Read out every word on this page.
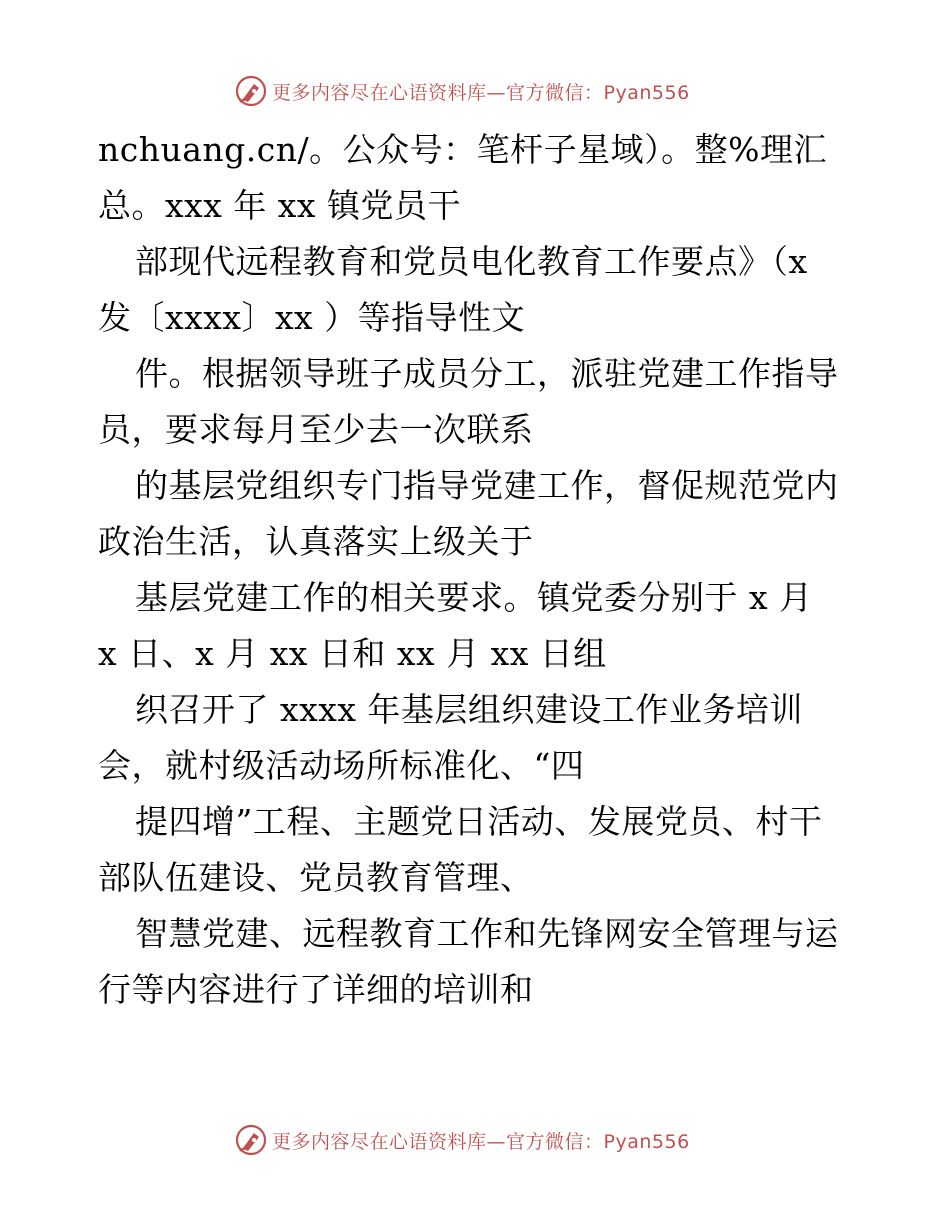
更多内容尽在心语资料库—官方微信：Pyan556
nchuang.cn/。公众号：笔杆子星域）。整%理汇
总。xxx 年 xx 镇党员干
部现代远程教育和党员电化教育工作要点》（x
发〔xxxx〕xx ）等指导性文
件。根据领导班子成员分工，派驻党建工作指导
员，要求每月至少去一次联系
的基层党组织专门指导党建工作，督促规范党内
政治生活，认真落实上级关于
基层党建工作的相关要求。镇党委分别于 x 月
x 日、x 月 xx 日和 xx 月 xx 日组
织召开了 xxxx 年基层组织建设工作业务培训
会，就村级活动场所标准化、“四
提四增”工程、主题党日活动、发展党员、村干
部队伍建设、党员教育管理、
智慧党建、远程教育工作和先锋网安全管理与运
行等内容进行了详细的培训和
更多内容尽在心语资料库—官方微信：Pyan556
